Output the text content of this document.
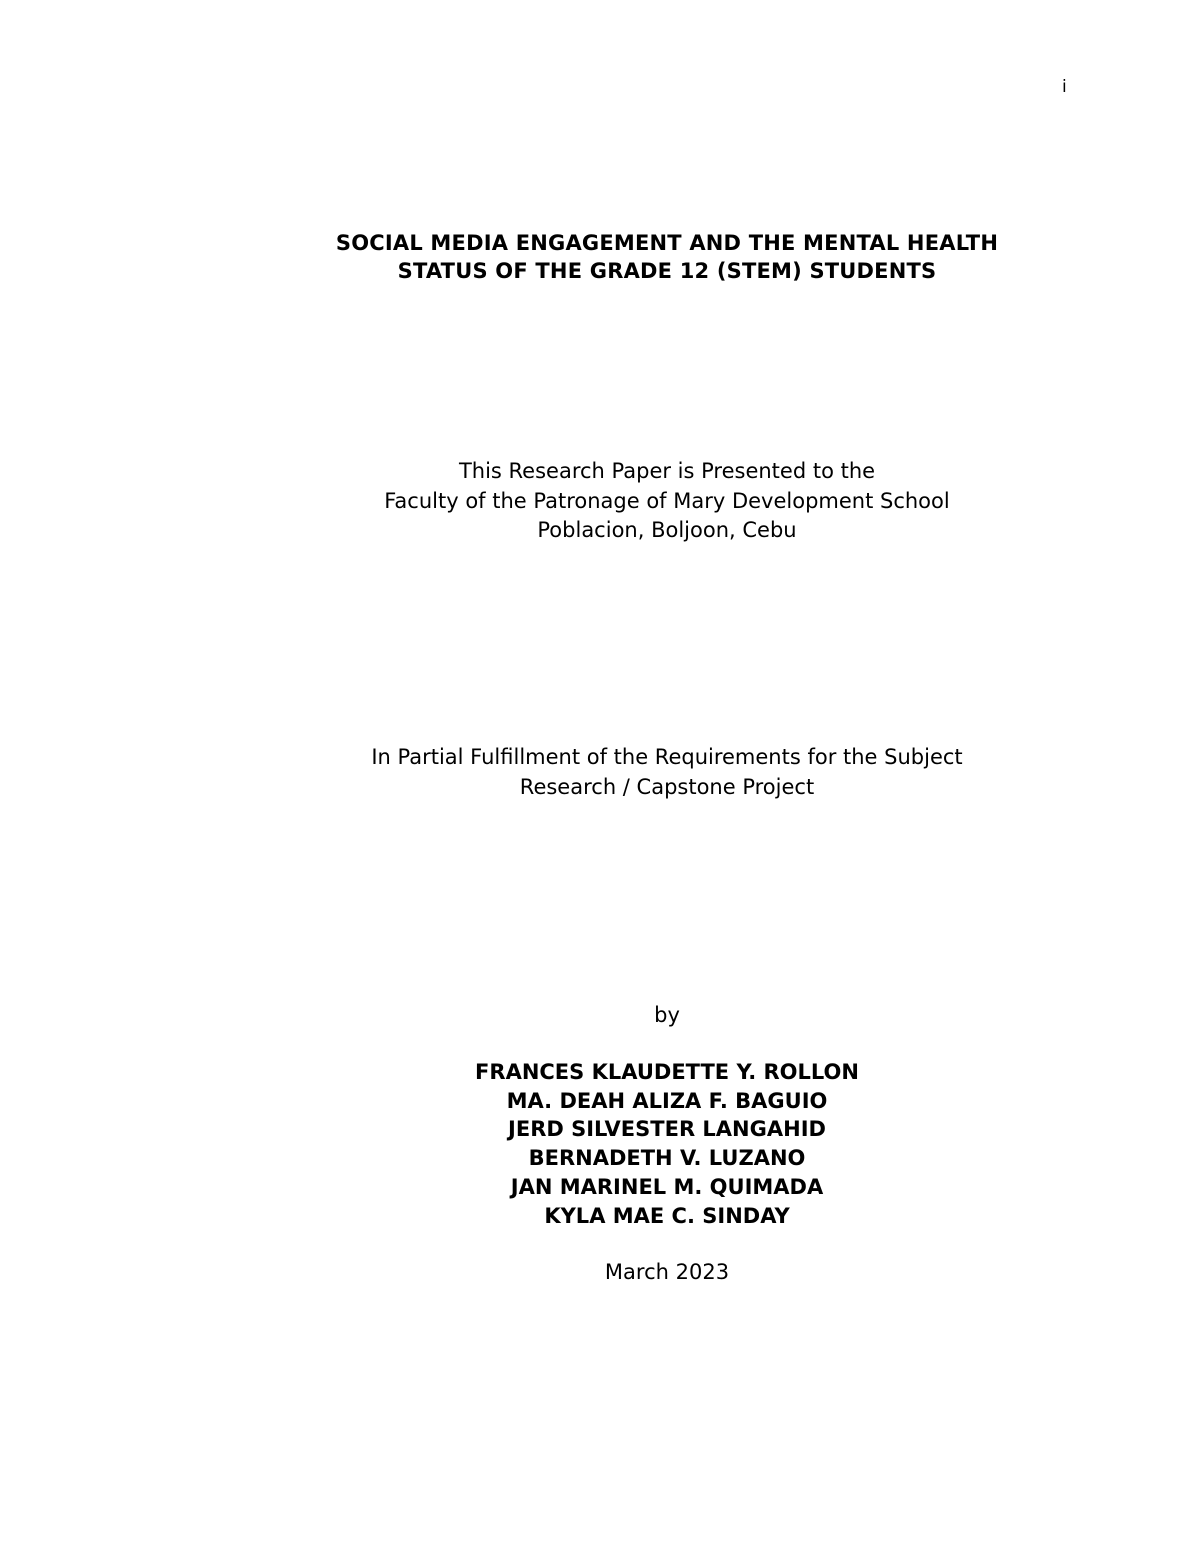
i
SOCIAL MEDIA ENGAGEMENT AND THE MENTAL HEALTH
STATUS OF THE GRADE 12 (STEM) STUDENTS
This Research Paper is Presented to the
Faculty of the Patronage of Mary Development School
Poblacion, Boljoon, Cebu
In Partial Fulfillment of the Requirements for the Subject
Research / Capstone Project
by
FRANCES KLAUDETTE Y. ROLLON
MA. DEAH ALIZA F. BAGUIO
JERD SILVESTER LANGAHID
BERNADETH V. LUZANO
JAN MARINEL M. QUIMADA
KYLA MAE C. SINDAY
March 2023
